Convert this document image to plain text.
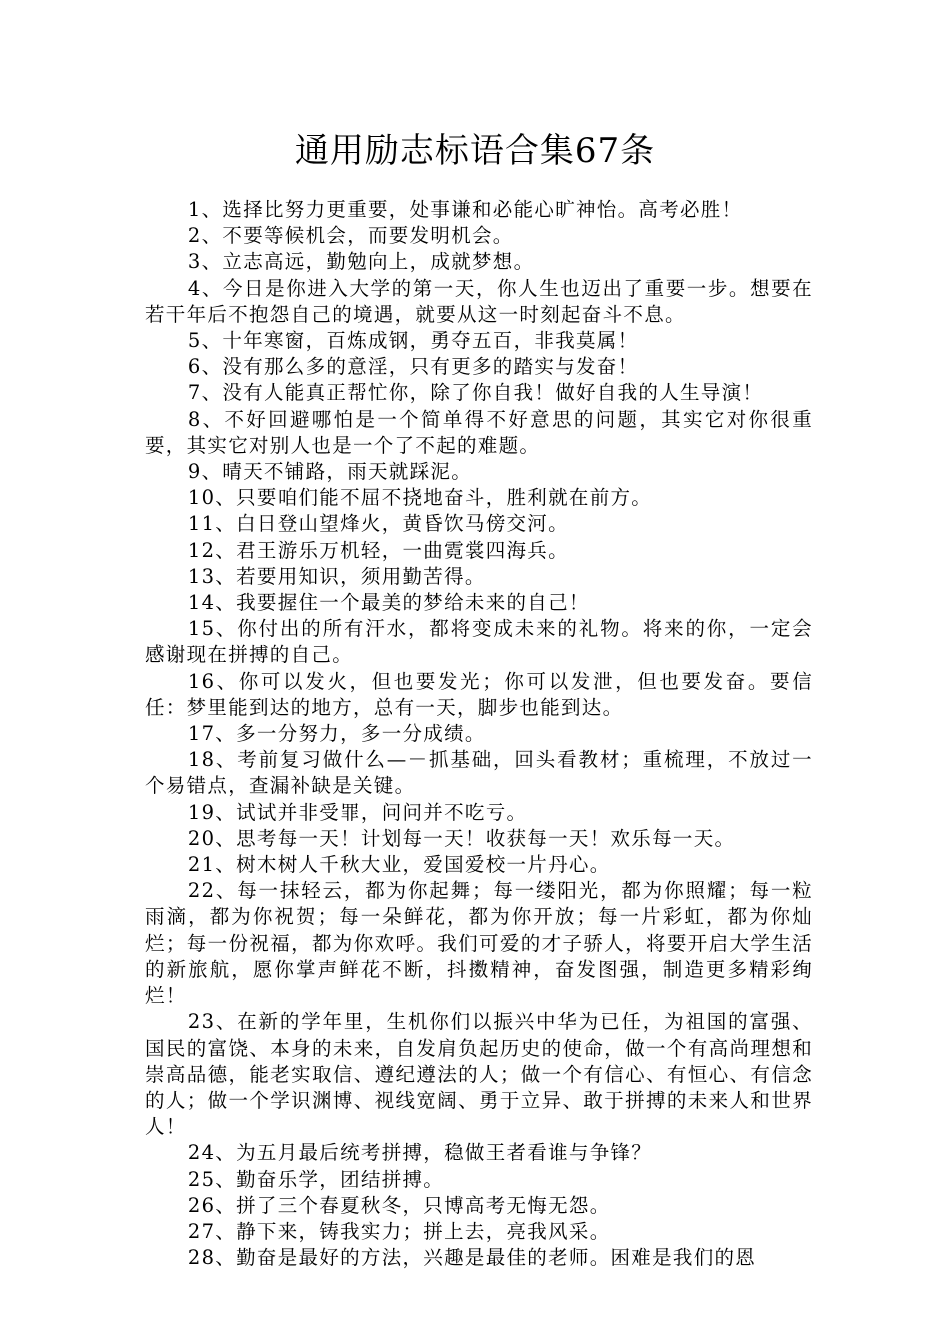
通用励志标语合集67条

1、选择比努力更重要，处事谦和必能心旷神怡。高考必胜！

2、不要等候机会，而要发明机会。

3、立志高远，勤勉向上，成就梦想。

4、今日是你进入大学的第一天，你人生也迈出了重要一步。想要在若干年后不抱怨自己的境遇，就要从这一时刻起奋斗不息。

5、十年寒窗，百炼成钢，勇夺五百，非我莫属！

6、没有那么多的意淫，只有更多的踏实与发奋！

7、没有人能真正帮忙你，除了你自我！做好自我的人生导演！

8、不好回避哪怕是一个简单得不好意思的问题，其实它对你很重要，其实它对别人也是一个了不起的难题。

9、晴天不铺路，雨天就踩泥。

10、只要咱们能不屈不挠地奋斗，胜利就在前方。

11、白日登山望烽火，黄昏饮马傍交河。

12、君王游乐万机轻，一曲霓裳四海兵。

13、若要用知识，须用勤苦得。

14、我要握住一个最美的梦给未来的自己！

15、你付出的所有汗水，都将变成未来的礼物。将来的你，一定会感谢现在拼搏的自己。

16、你可以发火，但也要发光；你可以发泄，但也要发奋。要信任：梦里能到达的地方，总有一天，脚步也能到达。

17、多一分努力，多一分成绩。

18、考前复习做什么—－抓基础，回头看教材；重梳理，不放过一个易错点，查漏补缺是关键。

19、试试并非受罪，问问并不吃亏。

20、思考每一天！计划每一天！收获每一天！欢乐每一天。

21、树木树人千秋大业，爱国爱校一片丹心。

22、每一抹轻云，都为你起舞；每一缕阳光，都为你照耀；每一粒雨滴，都为你祝贺；每一朵鲜花，都为你开放；每一片彩虹，都为你灿烂；每一份祝福，都为你欢呼。我们可爱的才子骄人，将要开启大学生活的新旅航，愿你掌声鲜花不断，抖擞精神，奋发图强，制造更多精彩绚烂！

23、在新的学年里，生机你们以振兴中华为已任，为祖国的富强、国民的富饶、本身的未来，自发肩负起历史的使命，做一个有高尚理想和崇高品德，能老实取信、遵纪遵法的人；做一个有信心、有恒心、有信念的人；做一个学识渊博、视线宽阔、勇于立异、敢于拼搏的未来人和世界人！

24、为五月最后统考拼搏，稳做王者看谁与争锋？

25、勤奋乐学，团结拼搏。

26、拼了三个春夏秋冬，只博高考无悔无怨。

27、静下来，铸我实力；拼上去，亮我风采。

28、勤奋是最好的方法，兴趣是最佳的老师。困难是我们的恩
